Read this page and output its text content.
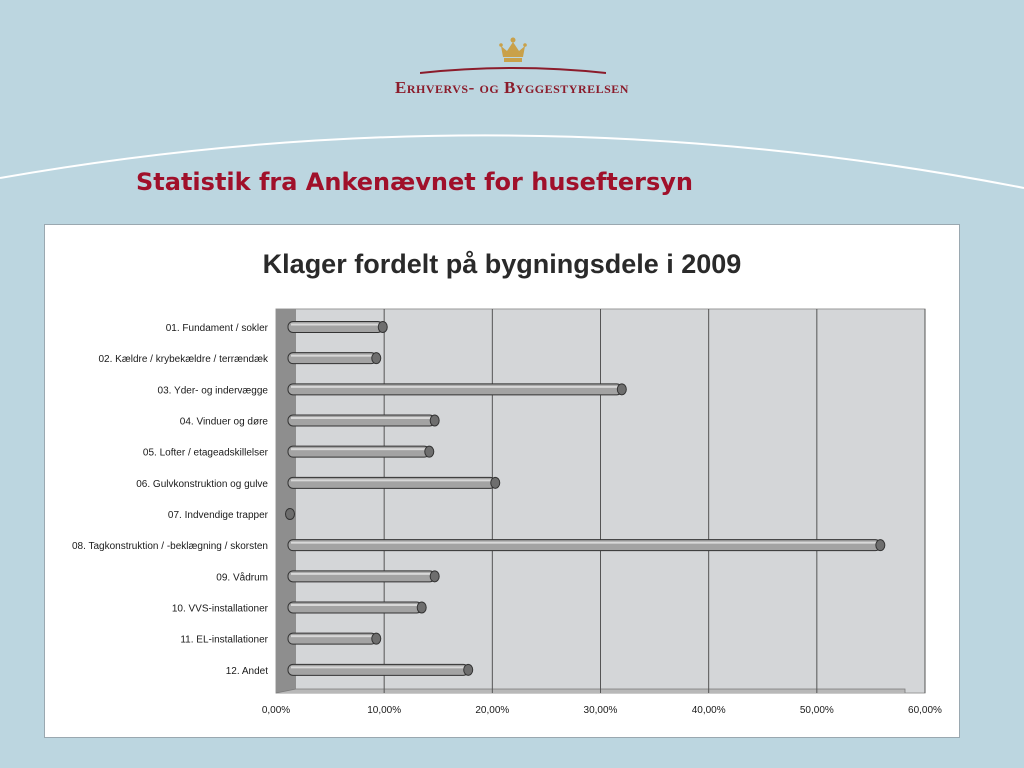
Erhvervs- og Byggestyrelsen
Statistik fra Ankenævnet for huseftersyn
Klager fordelt på bygningsdele i 2009
0,00%	10,00%	20,00%	30,00%	40,00%	50,00%	60,00%
01. Fundament / sokler
02. Kældre / krybekældre / terrændæk
03. Yder- og indervægge
04. Vinduer og døre
05. Lofter / etageadskillelser
06. Gulvkonstruktion og gulve
07. Indvendige trapper
08. Tagkonstruktion / -beklægning / skorsten
09. Vådrum
10. VVS-installationer
11. EL-installationer
12. Andet
